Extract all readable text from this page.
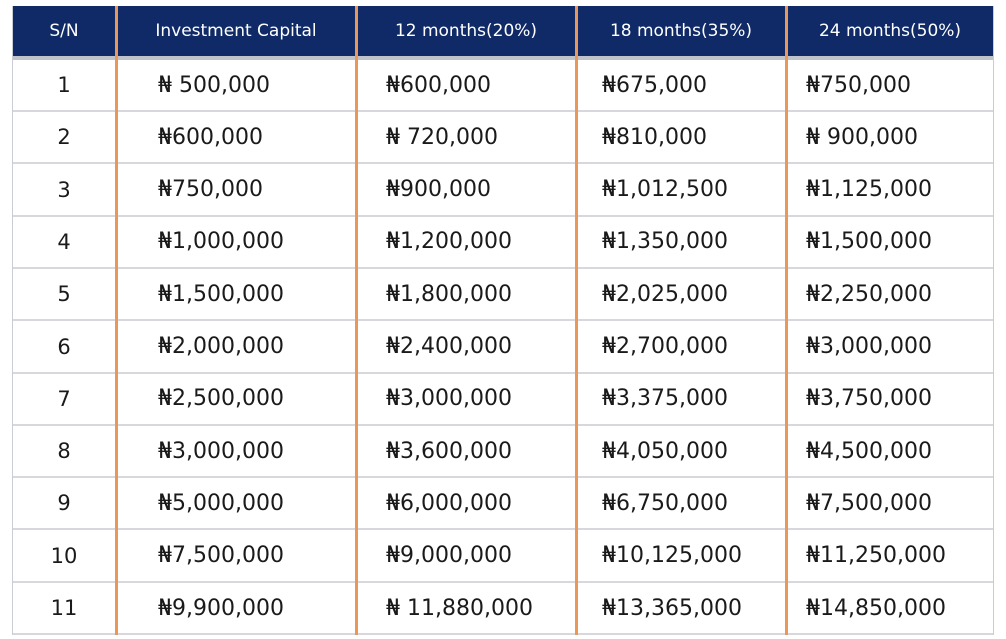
S/N	Investment Capital	12 months(20%)	18 months(35%)	24 months(50%)
1	₦ 500,000	₦600,000	₦675,000	₦750,000
2	₦600,000	₦ 720,000	₦810,000	₦ 900,000
3	₦750,000	₦900,000	₦1,012,500	₦1,125,000
4	₦1,000,000	₦1,200,000	₦1,350,000	₦1,500,000
5	₦1,500,000	₦1,800,000	₦2,025,000	₦2,250,000
6	₦2,000,000	₦2,400,000	₦2,700,000	₦3,000,000
7	₦2,500,000	₦3,000,000	₦3,375,000	₦3,750,000
8	₦3,000,000	₦3,600,000	₦4,050,000	₦4,500,000
9	₦5,000,000	₦6,000,000	₦6,750,000	₦7,500,000
10	₦7,500,000	₦9,000,000	₦10,125,000	₦11,250,000
11	₦9,900,000	₦ 11,880,000	₦13,365,000	₦14,850,000
